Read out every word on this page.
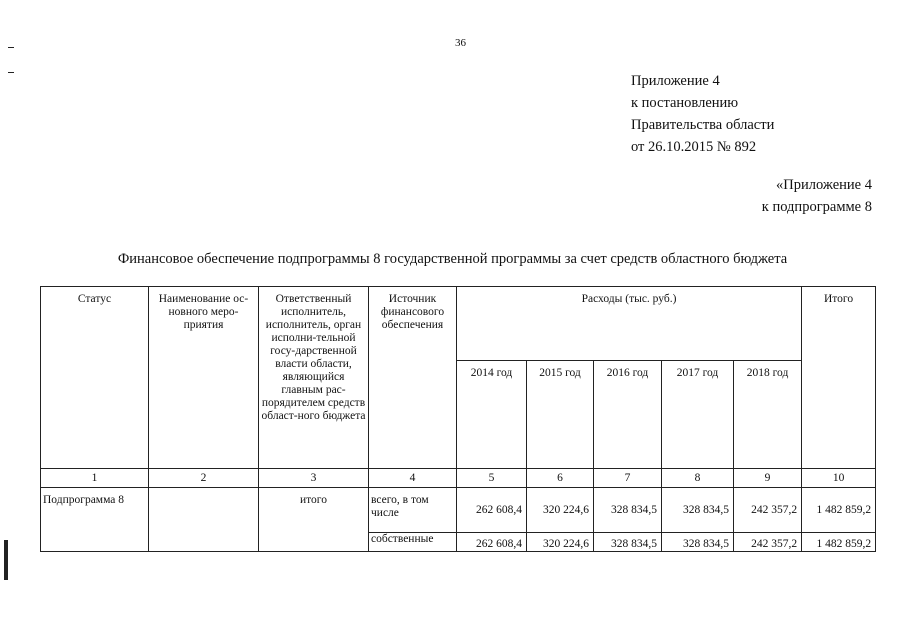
36
Приложение 4
к постановлению
Правительства области
от 26.10.2015 № 892
«Приложение 4
к подпрограмме 8
Финансовое обеспечение подпрограммы 8 государственной программы за счет средств областного бюджета
Статус	Наименование ос-новного меро-приятия	Ответственный исполнитель, исполнитель, орган исполни-тельной госу-дарственной власти области, являющийся главным рас-порядителем средств област-ного бюджета	Источник финансового обеспечения	Расходы (тыс. руб.)					Итого
				2014 год	2015 год	2016 год	2017 год	2018 год	
1	2	3	4	5	6	7	8	9	10
Подпрограмма 8		итого	всего, в том числе	262 608,4	320 224,6	328 834,5	328 834,5	242 357,2	1 482 859,2
			собственные	262 608,4	320 224,6	328 834,5	328 834,5	242 357,2	1 482 859,2
